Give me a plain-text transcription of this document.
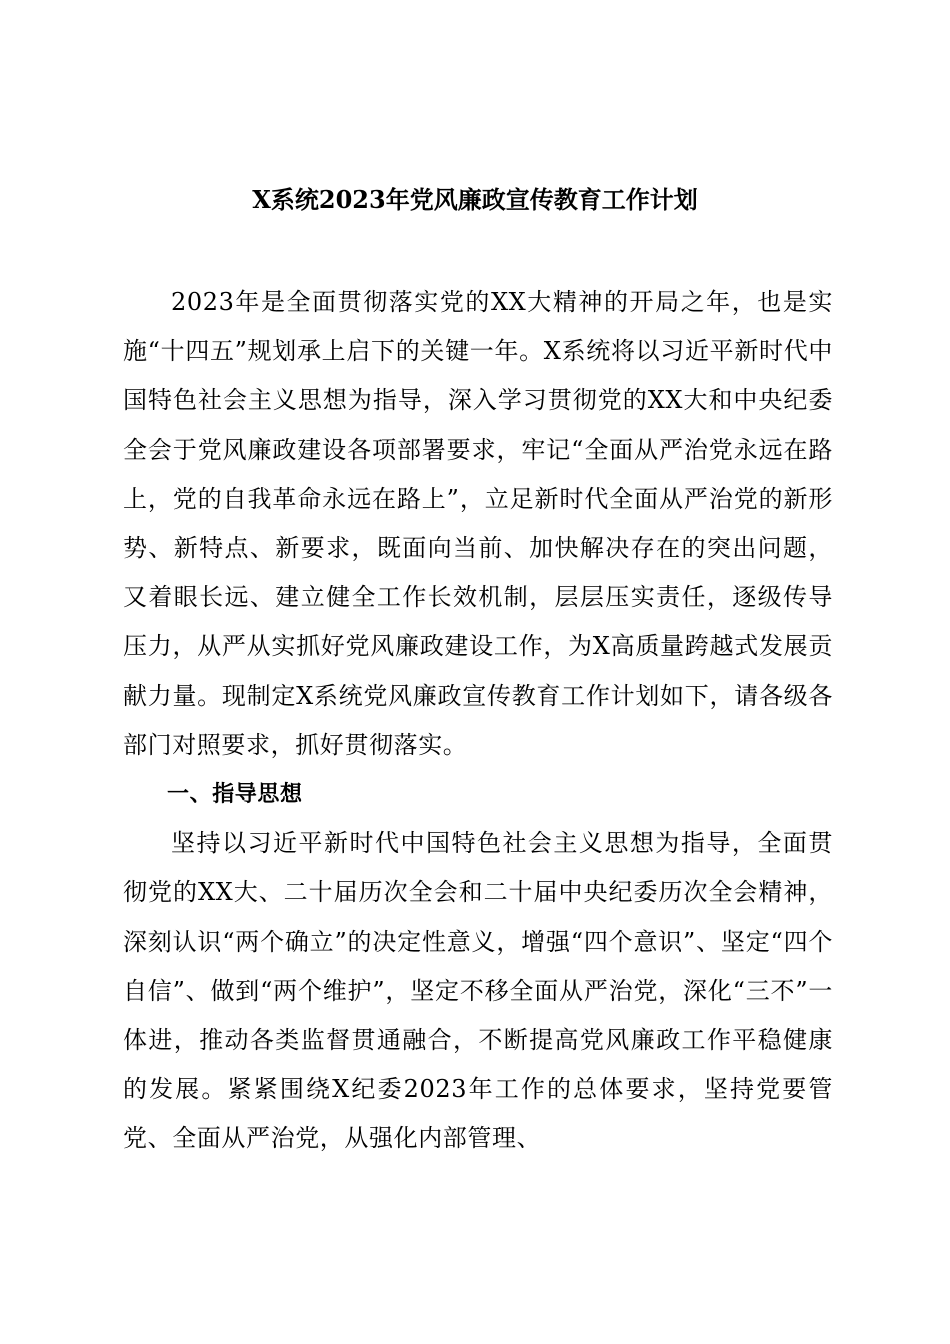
X系统2023年党风廉政宣传教育工作计划

2023年是全面贯彻落实党的XX大精神的开局之年，也是实施“十四五”规划承上启下的关键一年。X系统将以习近平新时代中国特色社会主义思想为指导，深入学习贯彻党的XX大和中央纪委全会于党风廉政建设各项部署要求，牢记“全面从严治党永远在路上，党的自我革命永远在路上”，立足新时代全面从严治党的新形势、新特点、新要求，既面向当前、加快解决存在的突出问题，又着眼长远、建立健全工作长效机制，层层压实责任，逐级传导压力，从严从实抓好党风廉政建设工作，为X高质量跨越式发展贡献力量。现制定X系统党风廉政宣传教育工作计划如下，请各级各部门对照要求，抓好贯彻落实。

一、指导思想

坚持以习近平新时代中国特色社会主义思想为指导，全面贯彻党的XX大、二十届历次全会和二十届中央纪委历次全会精神，深刻认识“两个确立”的决定性意义，增强“四个意识”、坚定“四个自信”、做到“两个维护”，坚定不移全面从严治党，深化“三不”一体进，推动各类监督贯通融合，不断提高党风廉政工作平稳健康的发展。紧紧围绕X纪委2023年工作的总体要求，坚持党要管党、全面从严治党，从强化内部管理、
